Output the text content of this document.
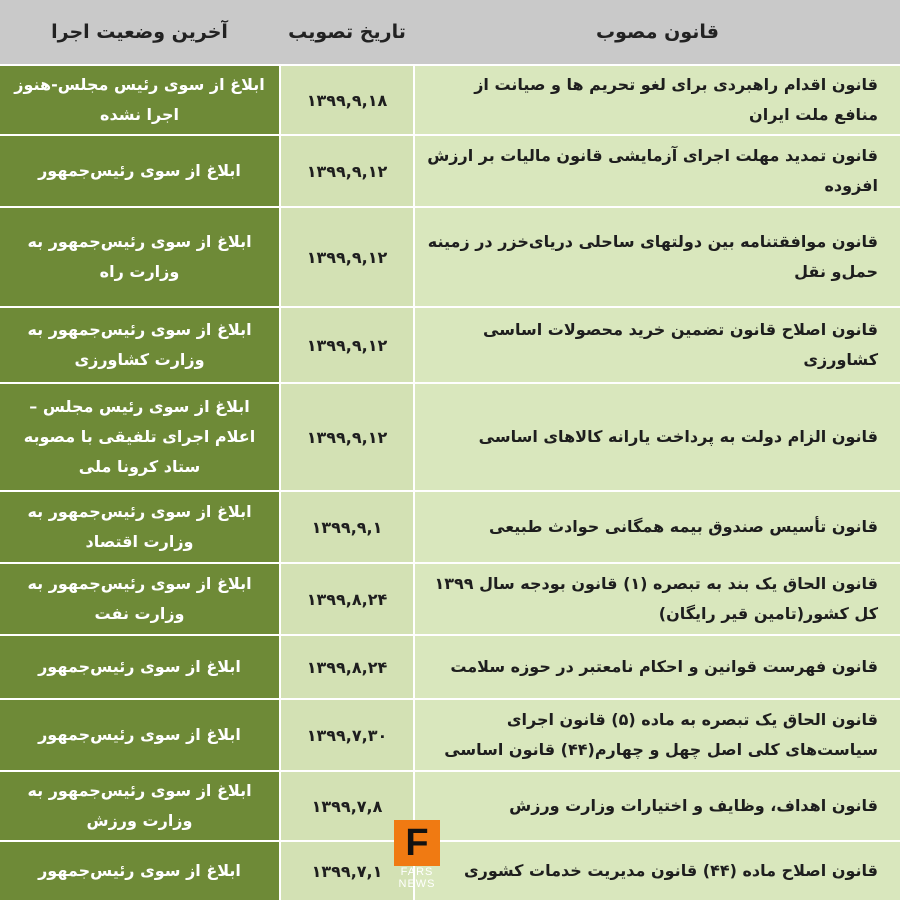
قانون مصوب
تاریخ تصویب
آخرین وضعیت اجرا
قانون اقدام راهبردی برای لغو تحریم ها و صیانت از منافع ملت ایران
۱۳۹۹,۹,۱۸
ابلاغ از سوی رئیس مجلس-هنوز اجرا نشده
قانون تمدید مهلت اجرای آزمایشی قانون مالیات بر ارزش افزوده
۱۳۹۹,۹,۱۲
ابلاغ از سوی رئیس‌جمهور
قانون موافقتنامه بین دولتهای ساحلی دریای‌خزر در زمینه حمل‌و نقل
۱۳۹۹,۹,۱۲
ابلاغ از سوی رئیس‌جمهور به وزارت راه
قانون اصلاح قانون تضمین خرید محصولات اساسی کشاورزی
۱۳۹۹,۹,۱۲
ابلاغ از سوی رئیس‌جمهور به وزارت کشاورزی
قانون الزام دولت به پرداخت یارانه کالاهای اساسی
۱۳۹۹,۹,۱۲
ابلاغ از سوی رئیس مجلس – اعلام اجرای تلفیقی با مصوبه ستاد کرونا ملی
قانون تأسیس صندوق بیمه همگانی حوادث طبیعی
۱۳۹۹,۹,۱
ابلاغ از سوی رئیس‌جمهور به وزارت اقتصاد
قانون الحاق یک بند به تبصره (۱) قانون بودجه سال ۱۳۹۹ کل کشور(تامین قیر رایگان)
۱۳۹۹,۸,۲۴
ابلاغ از سوی رئیس‌جمهور به وزارت نفت
قانون فهرست قوانین و احکام نامعتبر در حوزه سلامت
۱۳۹۹,۸,۲۴
ابلاغ از سوی رئیس‌جمهور
قانون الحاق یک تبصره به ماده (۵) قانون اجرای سیاست‌های کلی اصل چهل و چهارم(۴۴) قانون اساسی
۱۳۹۹,۷,۳۰
ابلاغ از سوی رئیس‌جمهور
قانون اهداف، وظایف و اختیارات وزارت ورزش
۱۳۹۹,۷,۸
ابلاغ از سوی رئیس‌جمهور به وزارت ورزش
قانون اصلاح ماده (۴۴) قانون مدیریت خدمات کشوری
۱۳۹۹,۷,۱
ابلاغ از سوی رئیس‌جمهور
F
FARS
NEWS
